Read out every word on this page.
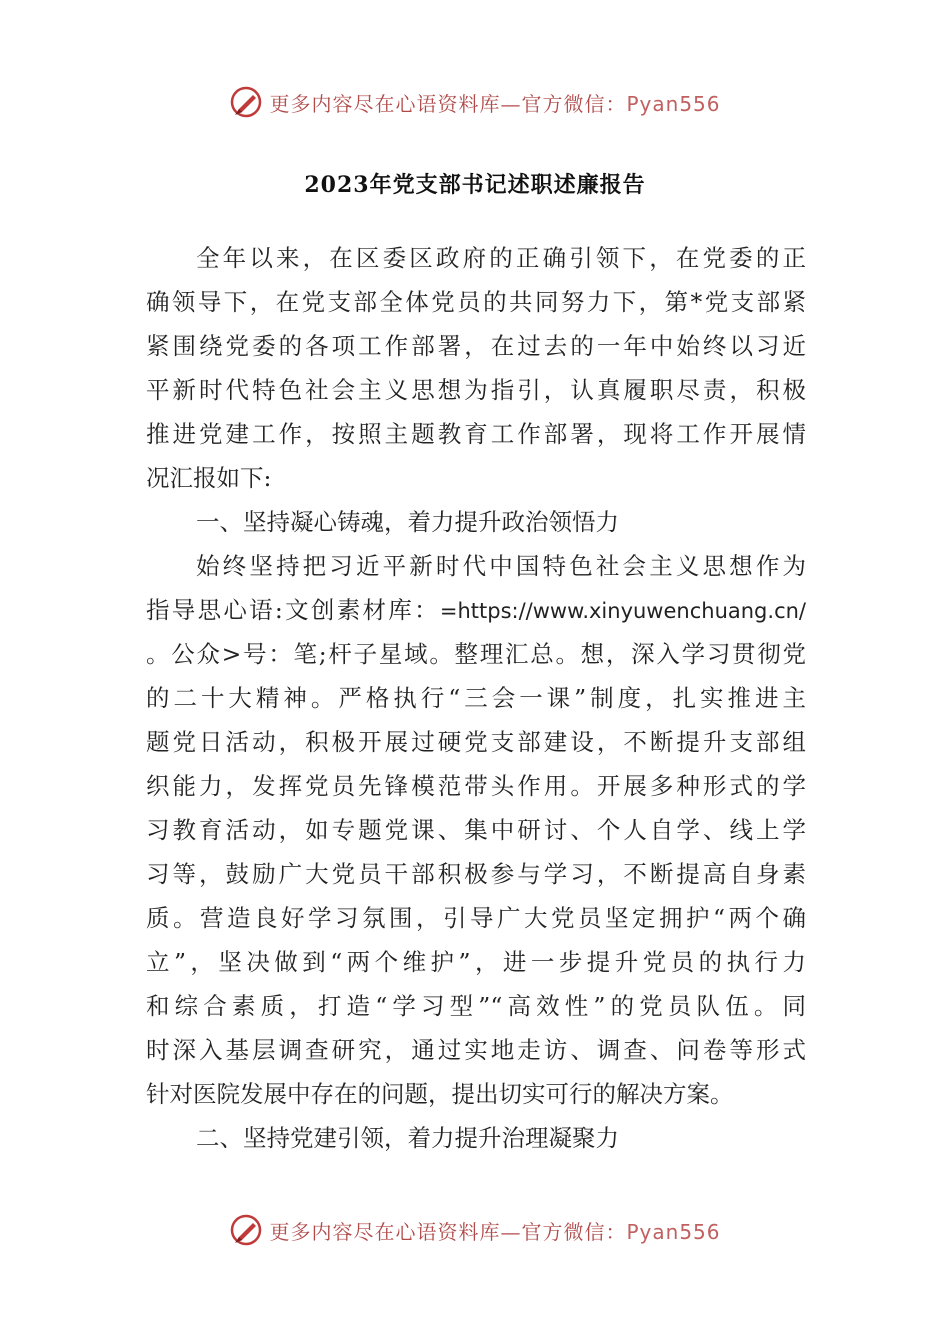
更多内容尽在心语资料库—官方微信：Pyan556
2023年党支部书记述职述廉报告
全年以来，在区委区政府的正确引领下，在党委的正
确领导下，在党支部全体党员的共同努力下，第*党支部紧
紧围绕党委的各项工作部署，在过去的一年中始终以习近
平新时代特色社会主义思想为指引，认真履职尽责，积极
推进党建工作，按照主题教育工作部署，现将工作开展情
况汇报如下:
一、坚持凝心铸魂，着力提升政治领悟力
始终坚持把习近平新时代中国特色社会主义思想作为
指导思心语:文创素材库：=https://www.xinyuwenchuang.cn/
。公众>号：笔;杆子星域。整理汇总。想，深入学习贯彻党
的二十大精神。严格执行“三会一课”制度，扎实推进主
题党日活动，积极开展过硬党支部建设，不断提升支部组
织能力，发挥党员先锋模范带头作用。开展多种形式的学
习教育活动，如专题党课、集中研讨、个人自学、线上学
习等，鼓励广大党员干部积极参与学习，不断提高自身素
质。营造良好学习氛围，引导广大党员坚定拥护“两个确
立”，坚决做到“两个维护”，进一步提升党员的执行力
和综合素质，打造“学习型”“高效性”的党员队伍。同
时深入基层调查研究，通过实地走访、调查、问卷等形式
针对医院发展中存在的问题，提出切实可行的解决方案。
二、坚持党建引领，着力提升治理凝聚力
更多内容尽在心语资料库—官方微信：Pyan556
